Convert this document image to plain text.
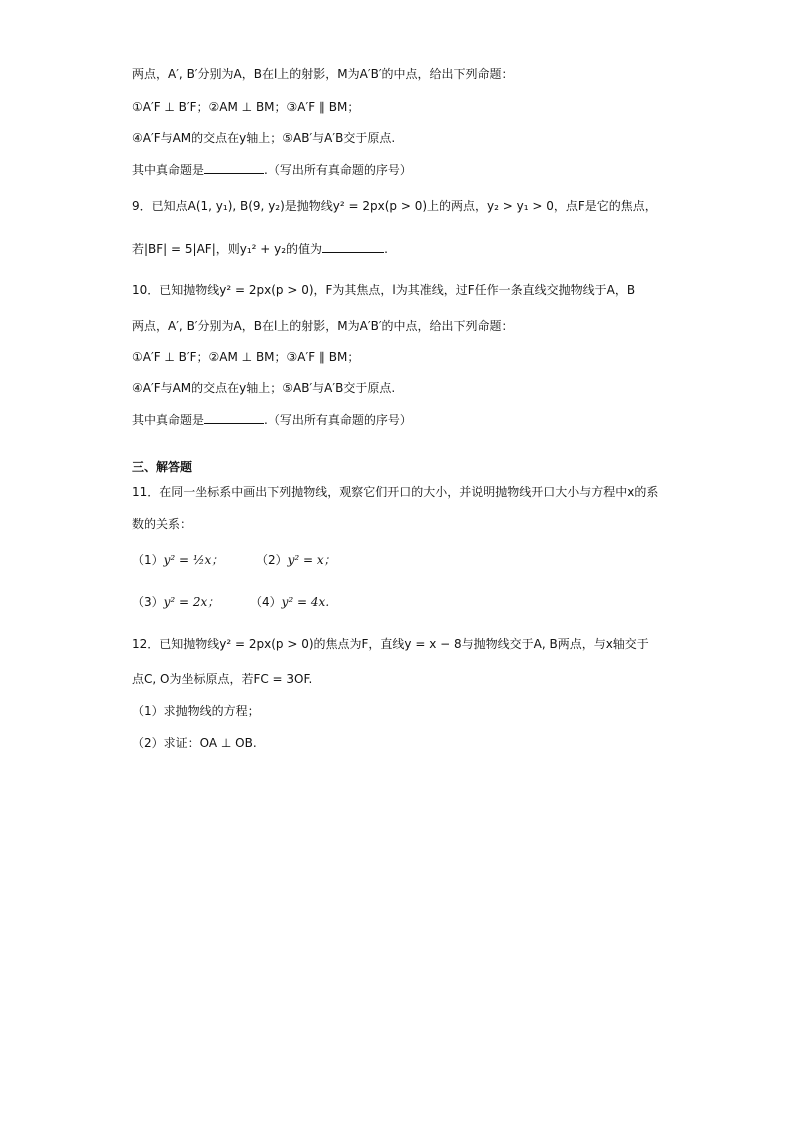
两点，A′, B′分别为A，B在l上的射影，M为A′B′的中点，给出下列命题：
①A′F ⊥ B′F；②AM ⊥ BM；③A′F ∥ BM；
④A′F与AM的交点在y轴上；⑤AB′与A′B交于原点.
其中真命题是	.（写出所有真命题的序号）
9．已知点A(1, y₁), B(9, y₂)是抛物线y² = 2px(p > 0)上的两点，y₂ > y₁ > 0，点F是它的焦点，
若|BF| = 5|AF|，则y₁² + y₂的值为	.
10．已知抛物线y² = 2px(p > 0)，F为其焦点，l为其准线，过F任作一条直线交抛物线于A，B
两点，A′, B′分别为A，B在l上的射影，M为A′B′的中点，给出下列命题：
①A′F ⊥ B′F；②AM ⊥ BM；③A′F ∥ BM；
④A′F与AM的交点在y轴上；⑤AB′与A′B交于原点.
其中真命题是	.（写出所有真命题的序号）
三、解答题
11．在同一坐标系中画出下列抛物线，观察它们开口的大小，并说明抛物线开口大小与方程中x的系
数的关系：
（1）y² = ½x；	（2）y² = x；
（3）y² = 2x；	（4）y² = 4x.
12．已知抛物线y² = 2px(p > 0)的焦点为F，直线y = x − 8与抛物线交于A, B两点，与x轴交于
点C, O为坐标原点，若FC = 3OF.
（1）求抛物线的方程；
（2）求证：OA ⊥ OB.
